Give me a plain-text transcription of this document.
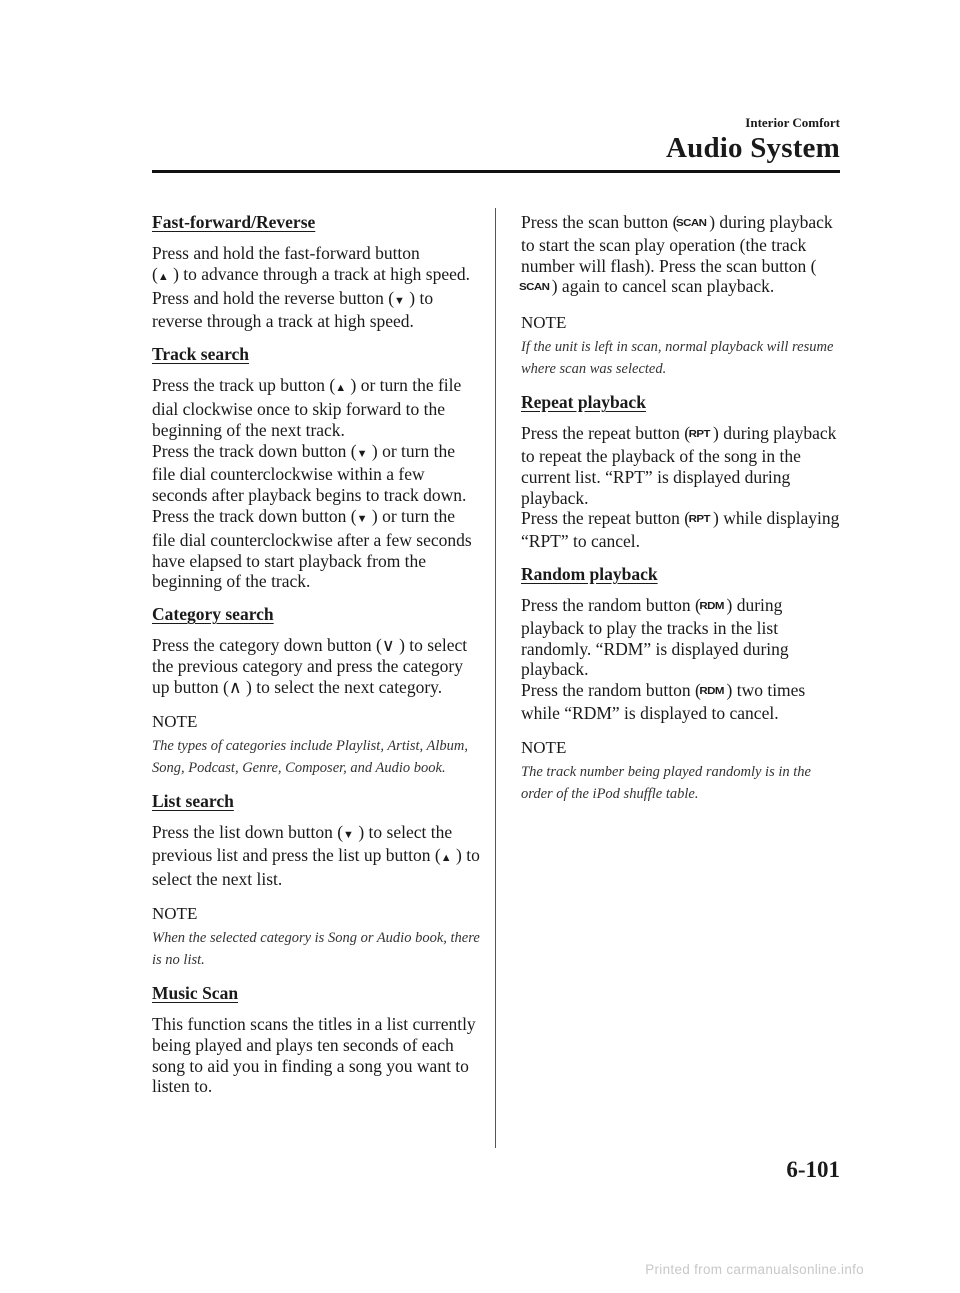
Interior Comfort
Audio System
Fast-forward/Reverse

Press and hold the fast-forward button
(▲ ) to advance through a track at high speed.
Press and hold the reverse button (▼ ) to reverse through a track at high speed.

Track search

Press the track up button (▲ ) or turn the file dial clockwise once to skip forward to the beginning of the next track.
Press the track down button (▼ ) or turn the file dial counterclockwise within a few seconds after playback begins to track down.
Press the track down button (▼ ) or turn the file dial counterclockwise after a few seconds have elapsed to start playback from the beginning of the track.

Category search

Press the category down button (∨ ) to select the previous category and press the category up button (∧ ) to select the next category.

NOTE
The types of categories include Playlist, Artist, Album, Song, Podcast, Genre, Composer, and Audio book.
List search

Press the list down button (▼ ) to select the previous list and press the list up button (▲ ) to select the next list.

NOTE
When the selected category is Song or Audio book, there is no list.
Music Scan

This function scans the titles in a list currently being played and plays ten seconds of each song to aid you in finding a song you want to listen to.

Press the scan button (SCAN ) during playback to start the scan play operation (the track number will flash). Press the scan button (SCAN ) again to cancel scan playback.

NOTE
If the unit is left in scan, normal playback will resume where scan was selected.
Repeat playback

Press the repeat button (RPT ) during playback to repeat the playback of the song in the current list. “RPT” is displayed during playback.
Press the repeat button (RPT ) while displaying “RPT” to cancel.

Random playback

Press the random button (RDM ) during playback to play the tracks in the list randomly. “RDM” is displayed during playback.
Press the random button (RDM ) two times while “RDM” is displayed to cancel.

NOTE
The track number being played randomly is in the order of the iPod shuffle table.
6-101
Printed from carmanualsonline.info
